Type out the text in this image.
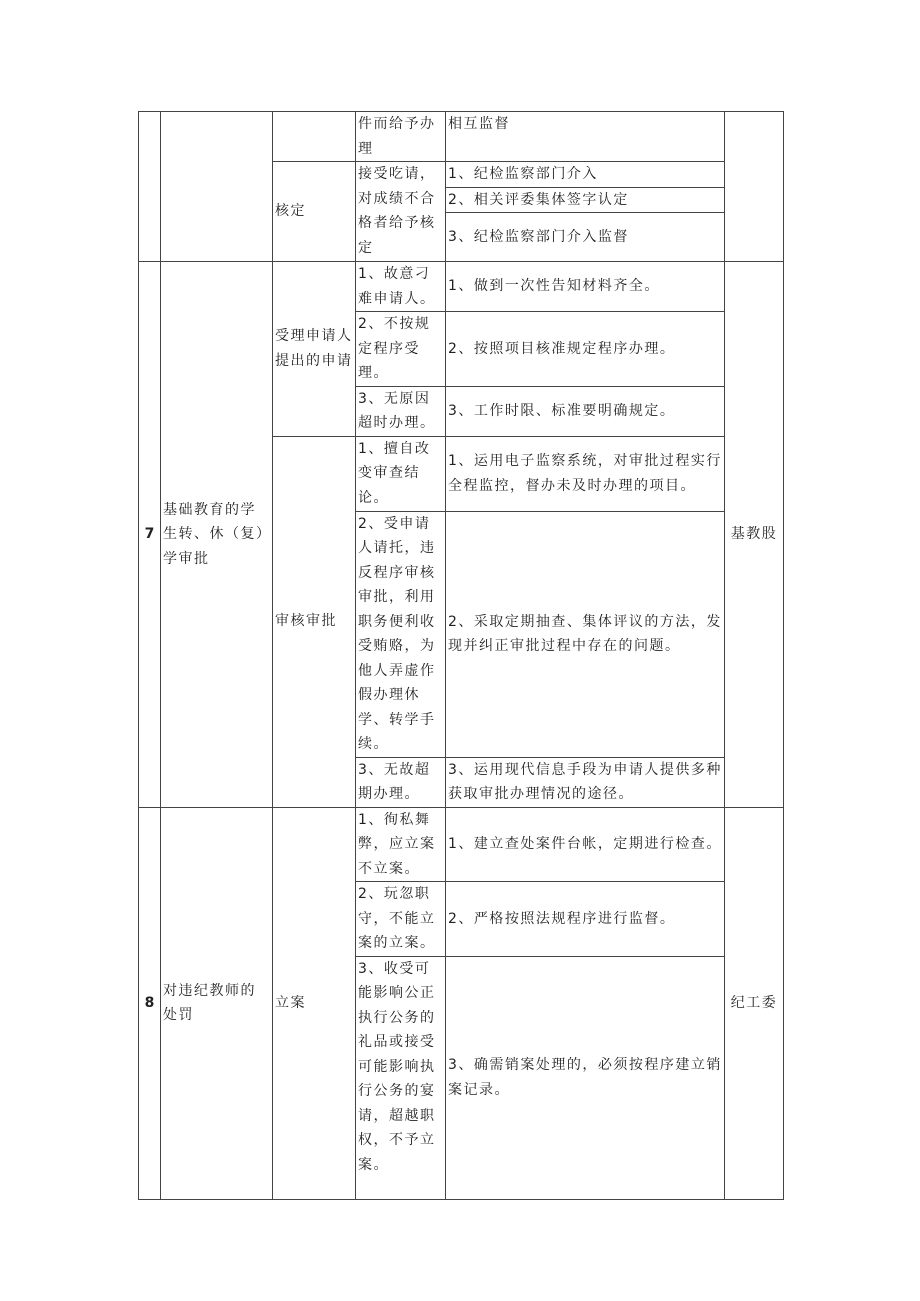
			件而给予办理	相互监督	
		核定	接受吃请，对成绩不合格者给予核定	1、纪检监察部门介入	
				2、相关评委集体签字认定	
				3、纪检监察部门介入监督	
7	基础教育的学生转、休（复）学审批	受理申请人提出的申请	1、故意刁难申请人。	1、做到一次性告知材料齐全。	基教股
			2、不按规定程序受理。	2、按照项目核准规定程序办理。	
			3、无原因超时办理。	3、工作时限、标准要明确规定。	
		审核审批	1、擅自改变审查结论。	1、运用电子监察系统，对审批过程实行全程监控，督办未及时办理的项目。	
			2、受申请人请托，违反程序审核审批，利用职务便利收受贿赂，为他人弄虚作假办理休学、转学手续。	2、采取定期抽查、集体评议的方法，发现并纠正审批过程中存在的问题。	
			3、无故超期办理。	3、运用现代信息手段为申请人提供多种获取审批办理情况的途径。	
8	对违纪教师的处罚	立案	1、徇私舞弊，应立案不立案。	1、建立查处案件台帐，定期进行检查。	纪工委
			2、玩忽职守，不能立案的立案。	2、严格按照法规程序进行监督。	
			3、收受可能影响公正执行公务的礼品或接受可能影响执行公务的宴请，超越职权，不予立案。	3、确需销案处理的，必须按程序建立销案记录。	
